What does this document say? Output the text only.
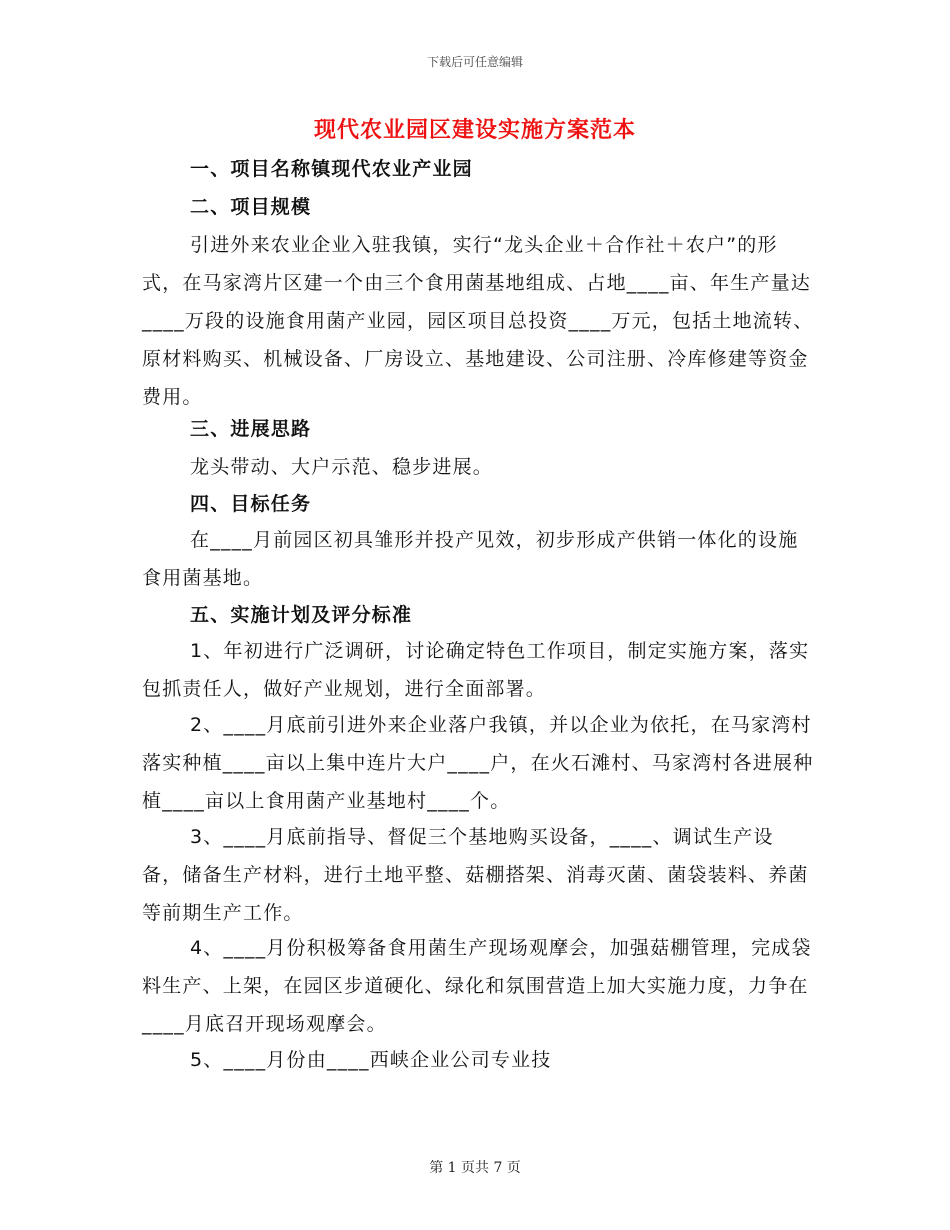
下载后可任意编辑
现代农业园区建设实施方案范本
一、项目名称镇现代农业产业园
二、项目规模
引进外来农业企业入驻我镇，实行“龙头企业＋合作社＋农户”的形式，在马家湾片区建一个由三个食用菌基地组成、占地____亩、年生产量达____万段的设施食用菌产业园，园区项目总投资____万元，包括土地流转、原材料购买、机械设备、厂房设立、基地建设、公司注册、冷库修建等资金费用。
三、进展思路
龙头带动、大户示范、稳步进展。
四、目标任务
在____月前园区初具雏形并投产见效，初步形成产供销一体化的设施食用菌基地。
五、实施计划及评分标准
1、年初进行广泛调研，讨论确定特色工作项目，制定实施方案，落实包抓责任人，做好产业规划，进行全面部署。
2、____月底前引进外来企业落户我镇，并以企业为依托，在马家湾村落实种植____亩以上集中连片大户____户，在火石滩村、马家湾村各进展种植____亩以上食用菌产业基地村____个。
3、____月底前指导、督促三个基地购买设备，____、调试生产设备，储备生产材料，进行土地平整、菇棚搭架、消毒灭菌、菌袋装料、养菌等前期生产工作。
4、____月份积极筹备食用菌生产现场观摩会，加强菇棚管理，完成袋料生产、上架，在园区步道硬化、绿化和氛围营造上加大实施力度，力争在____月底召开现场观摩会。
5、____月份由____西峡企业公司专业技
第 1 页共 7 页
